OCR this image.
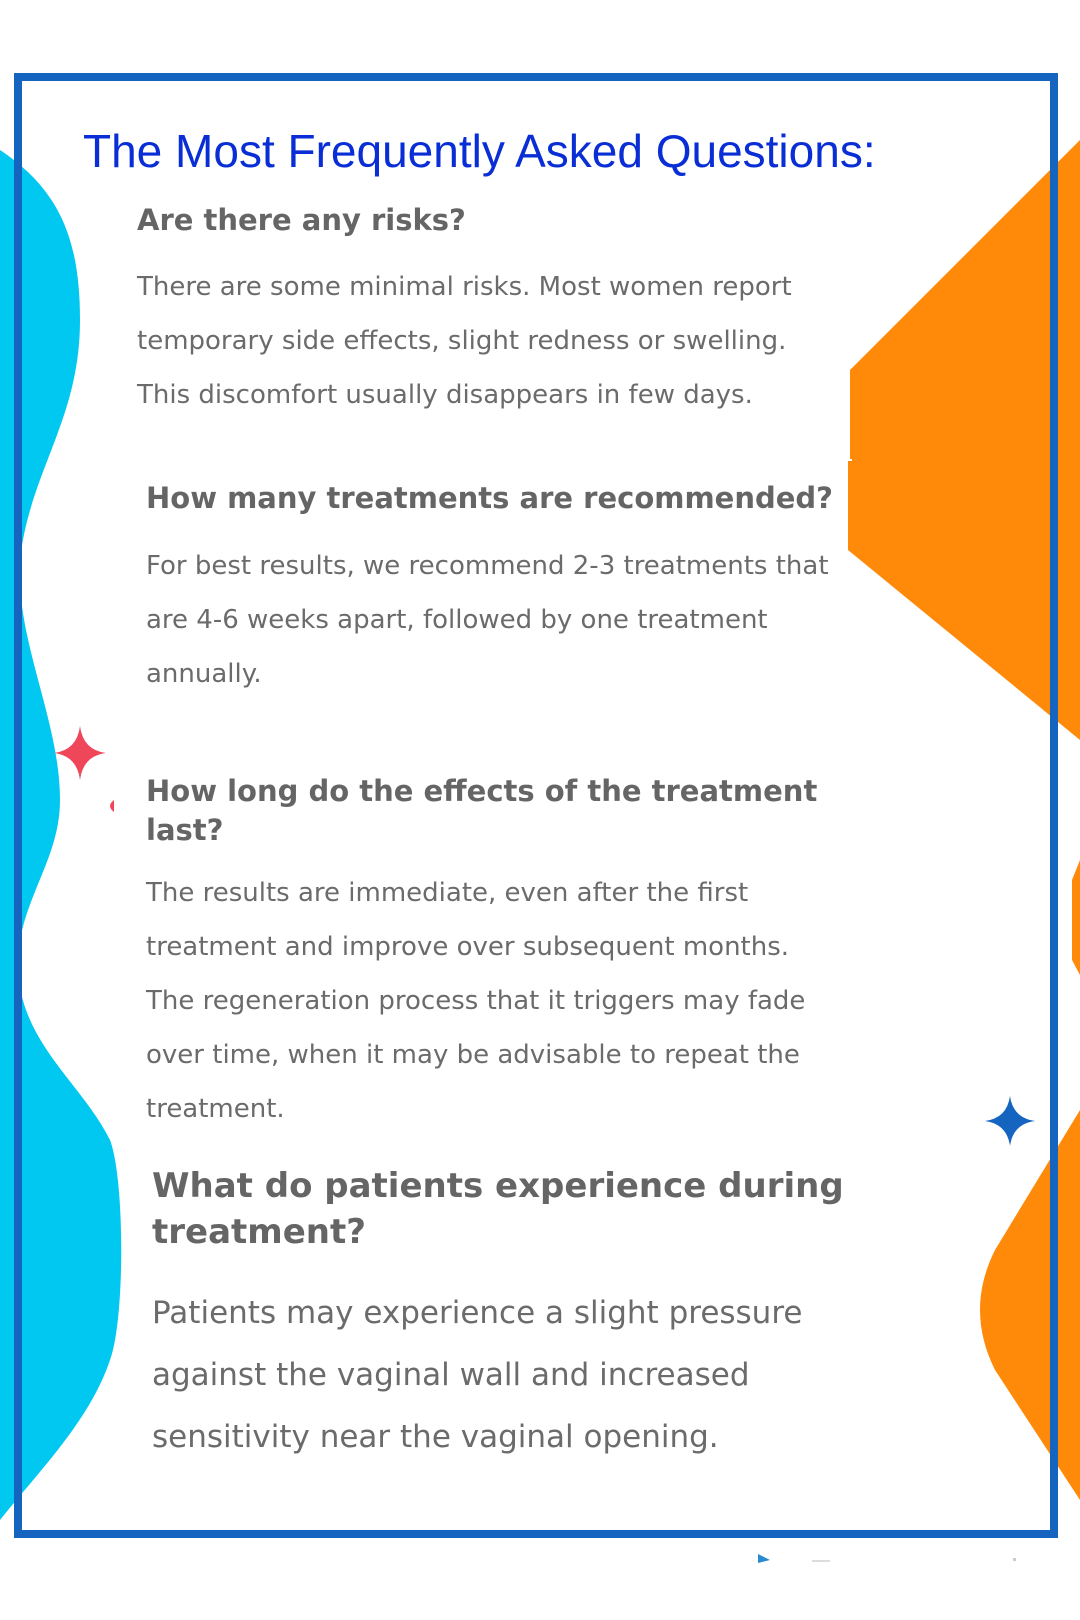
The Most Frequently Asked Questions:
Are there any risks?

There are some minimal risks. Most women report temporary side effects, slight redness or swelling. This discomfort usually disappears in few days.

How many treatments are recommended?

For best results, we recommend 2-3 treatments that are 4-6 weeks apart, followed by one treatment annually.

How long do the effects of the treatment last?

The results are immediate, even after the first treatment and improve over subsequent months. The regeneration process that it triggers may fade over time, when it may be advisable to repeat the treatment.

What do patients experience during treatment?

Patients may experience a slight pressure against the vaginal wall and increased sensitivity near the vaginal opening.
